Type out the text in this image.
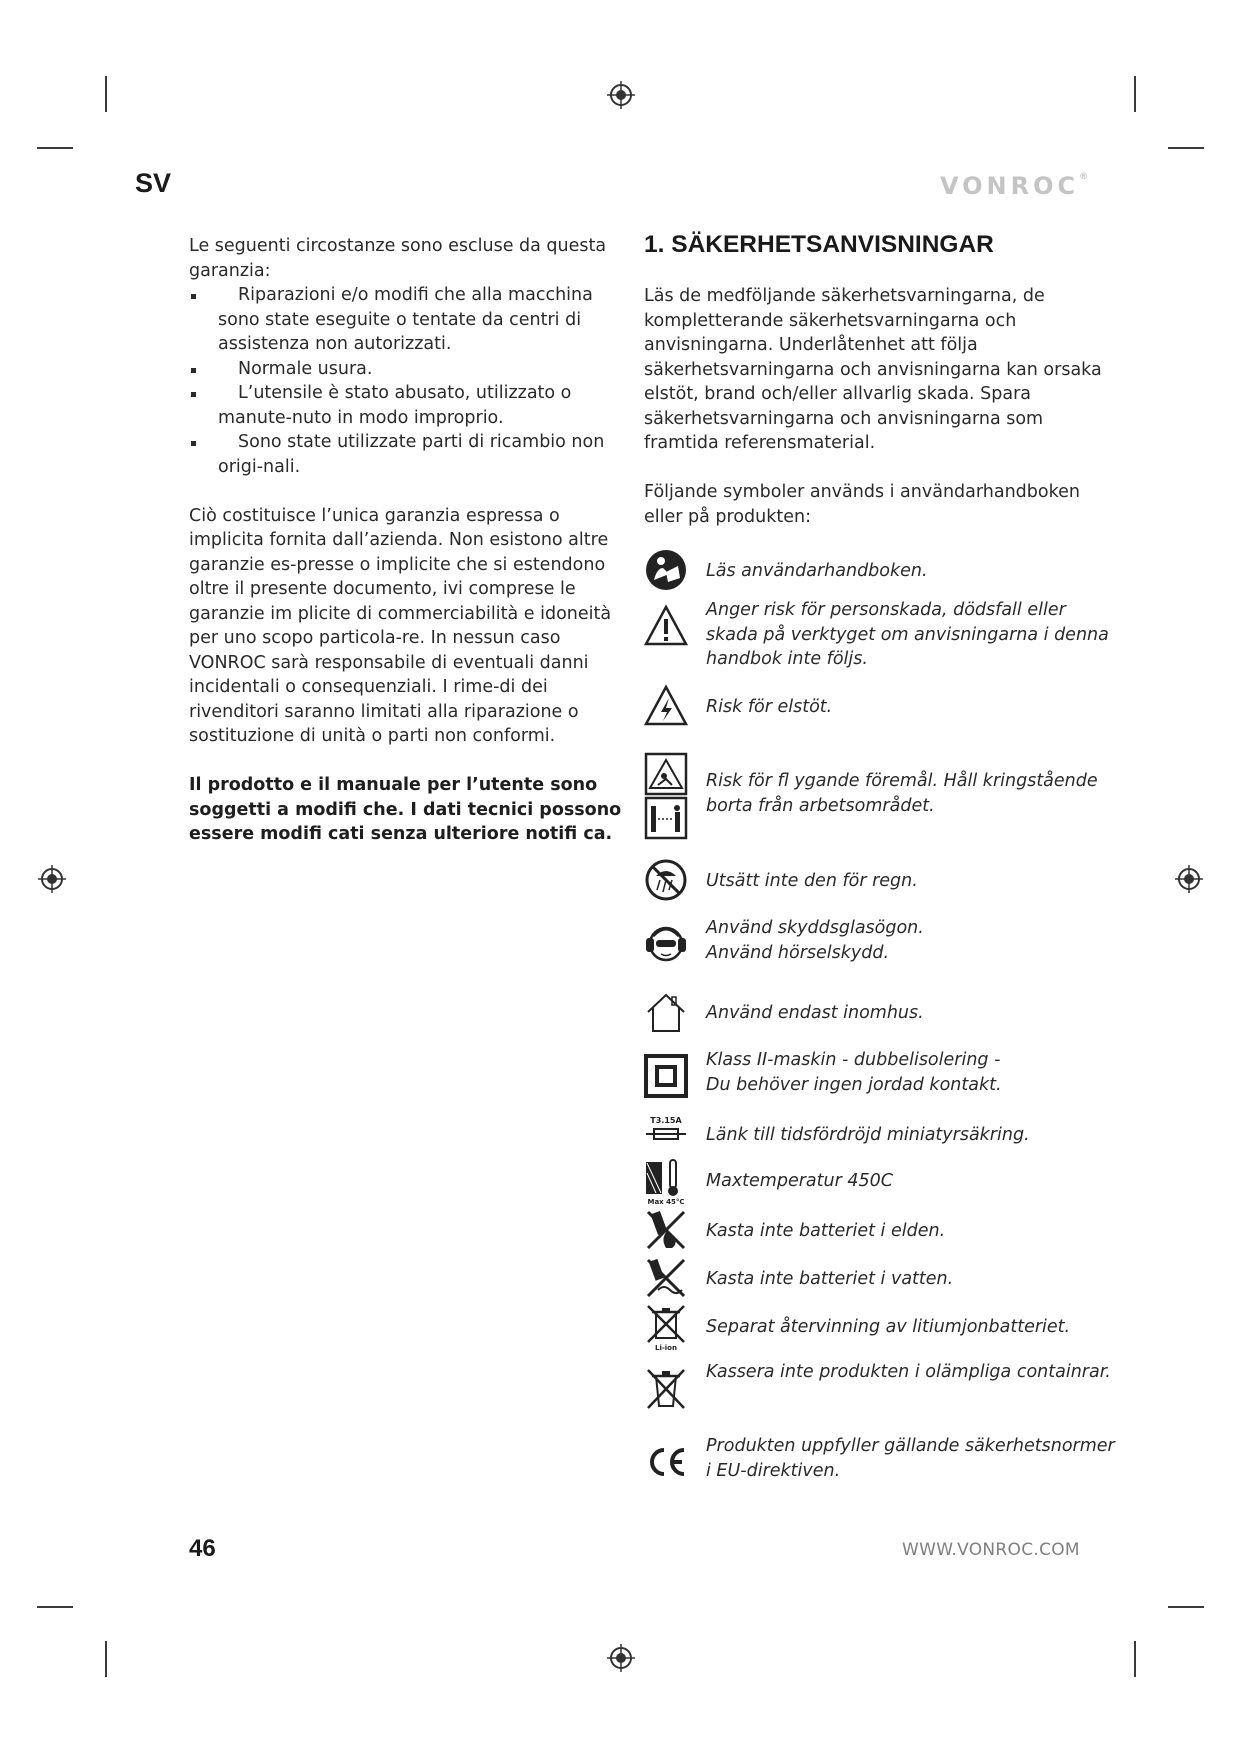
SV	VONROC®

Le seguenti circostanze sono escluse da questa garanzia:

Riparazioni e/o modifi che alla macchina sono state eseguite o tentate da centri di assistenza non autorizzati.
Normale usura.
L’utensile è stato abusato, utilizzato o manute-nuto in modo improprio.
Sono state utilizzate parti di ricambio non origi-nali.

Ciò costituisce l’unica garanzia espressa o implicita fornita dall’azienda. Non esistono altre garanzie es-presse o implicite che si estendono oltre il presente documento, ivi comprese le garanzie im plicite di commerciabilità e idoneità per uno scopo particola-re. In nessun caso VONROC sarà responsabile di eventuali danni incidentali o consequenziali. I rime-di dei rivenditori saranno limitati alla riparazione o sostituzione di unità o parti non conformi.

Il prodotto e il manuale per l’utente sono soggetti a modifi che. I dati tecnici possono essere modifi cati senza ulteriore notifi ca.

1. SÄKERHETSANVISNINGAR

Läs de medföljande säkerhetsvarningarna, de kompletterande säkerhetsvarningarna och anvisningarna. Underlåtenhet att följa säkerhetsvarningarna och anvisningarna kan orsaka elstöt, brand och/eller allvarlig skada. Spara säkerhetsvarningarna och anvisningarna som framtida referensmaterial.

Följande symboler används i användarhandboken eller på produkten:

Läs användarhandboken.
Anger risk för personskada, dödsfall eller skada på verktyget om anvisningarna i denna handbok inte följs.
Risk för elstöt.
Risk för fl ygande föremål. Håll kringstående borta från arbetsområdet.
Utsätt inte den för regn.
Använd skyddsglasögon.
Använd hörselskydd.
Använd endast inomhus.
Klass II-maskin - dubbelisolering -
Du behöver ingen jordad kontakt.
T3.15A
Länk till tidsfördröjd miniatyrsäkring.
Max 45°C
Maxtemperatur 450C
Kasta inte batteriet i elden.
Kasta inte batteriet i vatten.
Li-ion
Separat återvinning av litiumjonbatteriet.
Kassera inte produkten i olämpliga containrar.
Produkten uppfyller gällande säkerhetsnormer i EU-direktiven.
46	WWW.VONROC.COM
